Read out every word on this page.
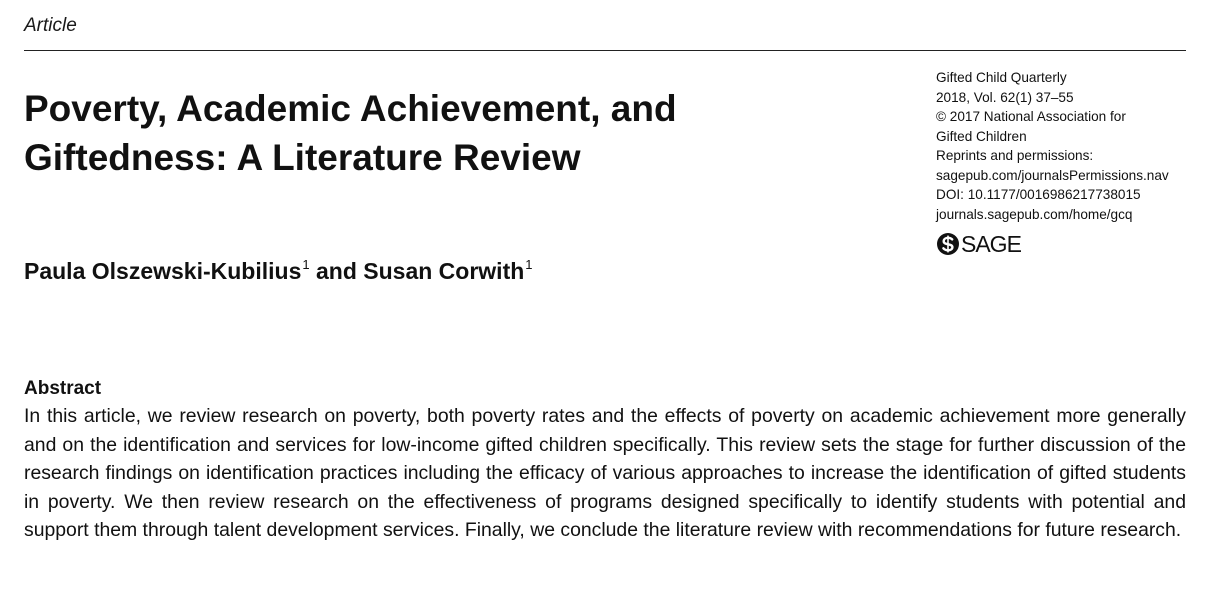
Article
Poverty, Academic Achievement, and
Giftedness: A Literature Review
Gifted Child Quarterly
2018, Vol. 62(1) 37–55
© 2017 National Association for
Gifted Children
Reprints and permissions:
sagepub.com/journalsPermissions.nav
DOI: 10.1177/0016986217738015
journals.sagepub.com/home/gcq
SAGE
Paula Olszewski-Kubilius$^1$ and Susan Corwith$^1$
Abstract

In this article, we review research on poverty, both poverty rates and the effects of poverty on academic achievement more generally and on the identification and services for low-income gifted children specifically. This review sets the stage for further discussion of the research findings on identification practices including the efficacy of various approaches to increase the identification of gifted students in poverty. We then review research on the effectiveness of programs designed specifically to identify students with potential and support them through talent development services. Finally, we conclude the literature review with recommendations for future research.
